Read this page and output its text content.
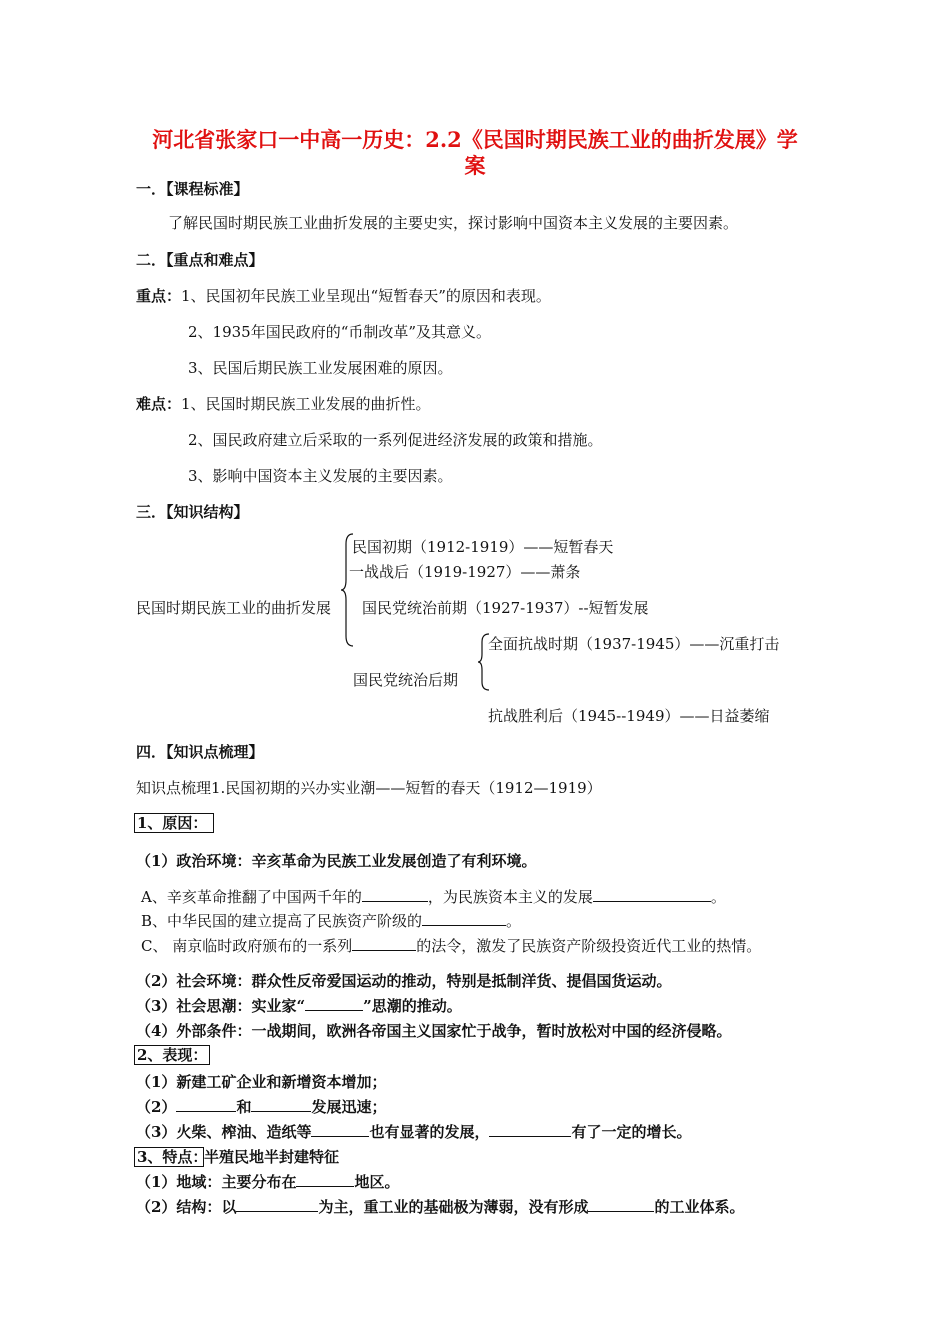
河北省张家口一中高一历史：2.2《民国时期民族工业的曲折发展》学
案
一．【课程标准】
了解民国时期民族工业曲折发展的主要史实，探讨影响中国资本主义发展的主要因素。
二．【重点和难点】
重点：1、民国初年民族工业呈现出“短暂春天”的原因和表现。
2、1935年国民政府的“币制改革”及其意义。
3、民国后期民族工业发展困难的原因。
难点：1、民国时期民族工业发展的曲折性。
2、国民政府建立后采取的一系列促进经济发展的政策和措施。
3、影响中国资本主义发展的主要因素。
三．【知识结构】
民国时期民族工业的曲折发展
民国初期（1912-1919）——短暂春天
一战战后（1919-1927）——萧条
国民党统治前期（1927-1937）--短暂发展
国民党统治后期
全面抗战时期（1937-1945）——沉重打击
抗战胜利后（1945--1949）——日益萎缩
四．【知识点梳理】
知识点梳理1.民国初期的兴办实业潮——短暂的春天（1912—1919）
1、原因：
（1）政治环境：辛亥革命为民族工业发展创造了有利环境。
A、辛亥革命推翻了中国两千年的	，为民族资本主义的发展	。
B、中华民国的建立提高了民族资产阶级的	。
C、 南京临时政府颁布的一系列	的法令，激发了民族资产阶级投资近代工业的热情。
（2）社会环境：群众性反帝爱国运动的推动，特别是抵制洋货、提倡国货运动。
（3）社会思潮：实业家“	”思潮的推动。
（4）外部条件：一战期间，欧洲各帝国主义国家忙于战争，暂时放松对中国的经济侵略。
2、表现：
（1）新建工矿企业和新增资本增加；
（2）	和	发展迅速；
（3）火柴、榨油、造纸等	也有显著的发展，	有了一定的增长。
3、特点：半殖民地半封建特征
（1）地域：主要分布在	地区。
（2）结构：以	为主，重工业的基础极为薄弱，没有形成	的工业体系。
